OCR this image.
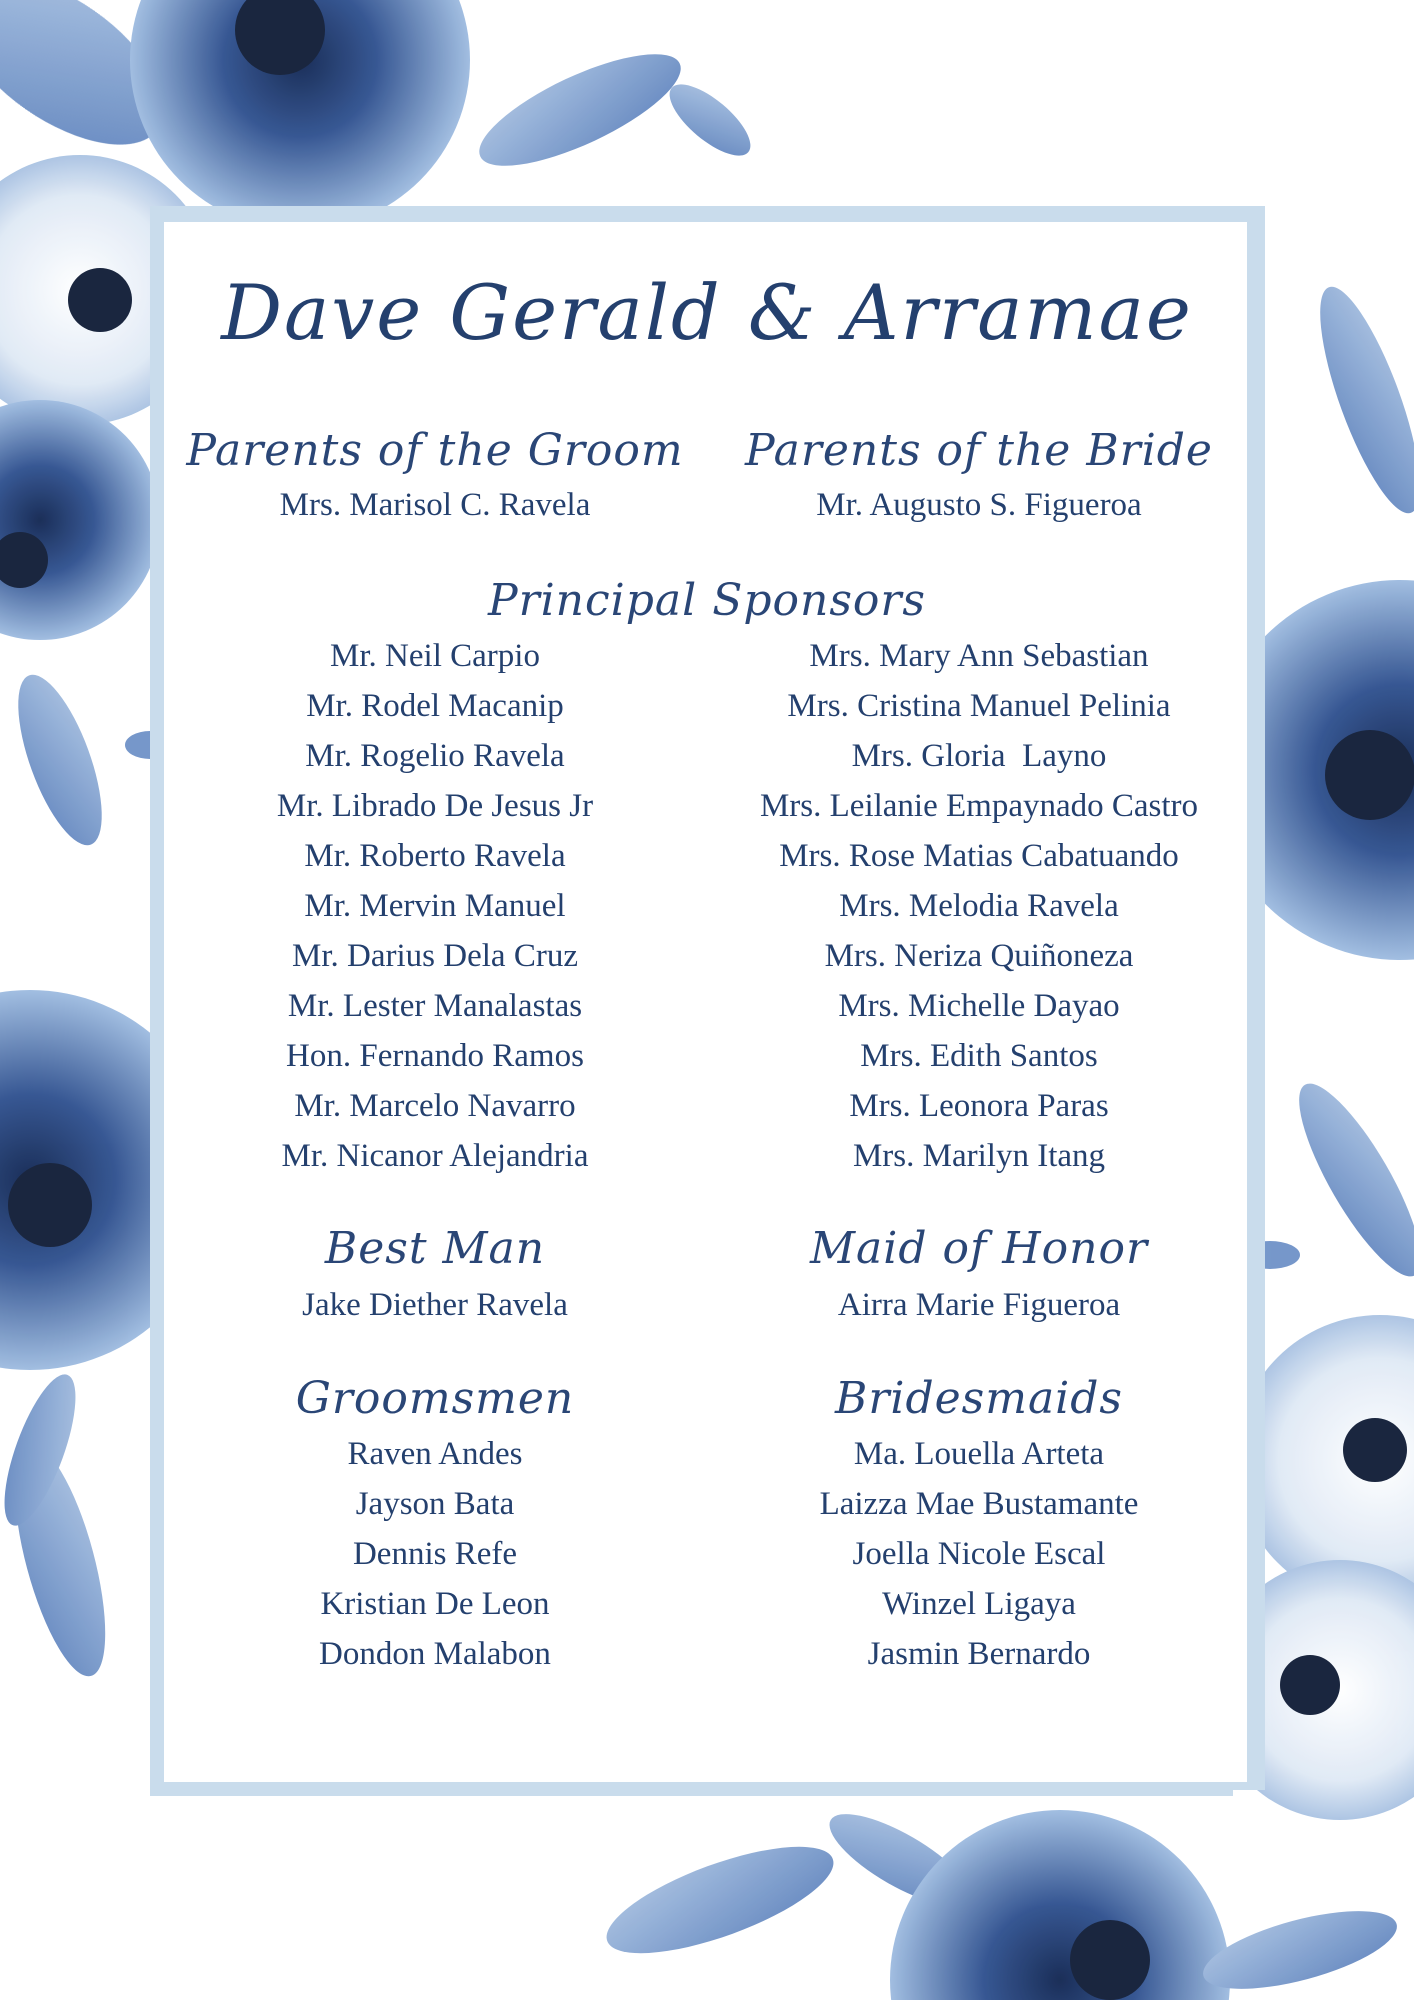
Dave Gerald & Arramae
Parents of the Groom
Mrs. Marisol C. Ravela
Parents of the Bride
Mr. Augusto S. Figueroa
Principal Sponsors
Mr. Neil Carpio
Mr. Rodel Macanip
Mr. Rogelio Ravela
Mr. Librado De Jesus Jr
Mr. Roberto Ravela
Mr. Mervin Manuel
Mr. Darius Dela Cruz
Mr. Lester Manalastas
Hon. Fernando Ramos
Mr. Marcelo Navarro
Mr. Nicanor Alejandria
Mrs. Mary Ann Sebastian
Mrs. Cristina Manuel Pelinia
Mrs. Gloria  Layno
Mrs. Leilanie Empaynado Castro
Mrs. Rose Matias Cabatuando
Mrs. Melodia Ravela
Mrs. Neriza Quiñoneza
Mrs. Michelle Dayao
Mrs. Edith Santos
Mrs. Leonora Paras
Mrs. Marilyn Itang
Best Man
Jake Diether Ravela
Maid of Honor
Airra Marie Figueroa
Groomsmen
Raven Andes
Jayson Bata
Dennis Refe
Kristian De Leon
Dondon Malabon
Bridesmaids
Ma. Louella Arteta
Laizza Mae Bustamante
Joella Nicole Escal
Winzel Ligaya
Jasmin Bernardo
